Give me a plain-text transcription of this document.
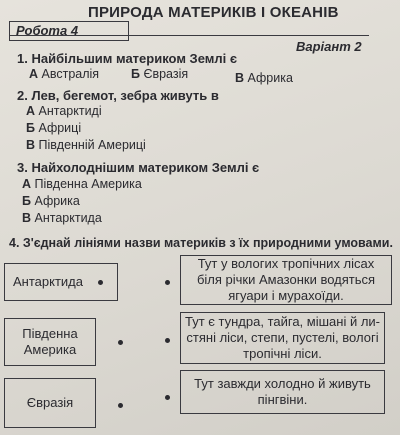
ПРИРОДА МАТЕРИКІВ І ОКЕАНІВ
Робота 4
Варіант 2
1. Найбільшим материком Землі є
А Австралія	Б Євразія	В Африка
2. Лев, бегемот, зебра живуть в
А Антарктиді
Б Африці
В Південній Америці
3. Найхолоднішим материком Землі є
А Південна Америка
Б Африка
В Антарктида
4. З'єднай лініями назви материків з їх природними умовами.
Антарктида
Південна
Америка
Євразія
Тут у вологих тропічних лісах
біля річки Амазонки водяться
ягуари і мурахоїди.
Тут є тундра, тайга, мішані й ли-
стяні ліси, степи, пустелі, вологі
тропічні ліси.
Тут завжди холодно й живуть
пінгвіни.
